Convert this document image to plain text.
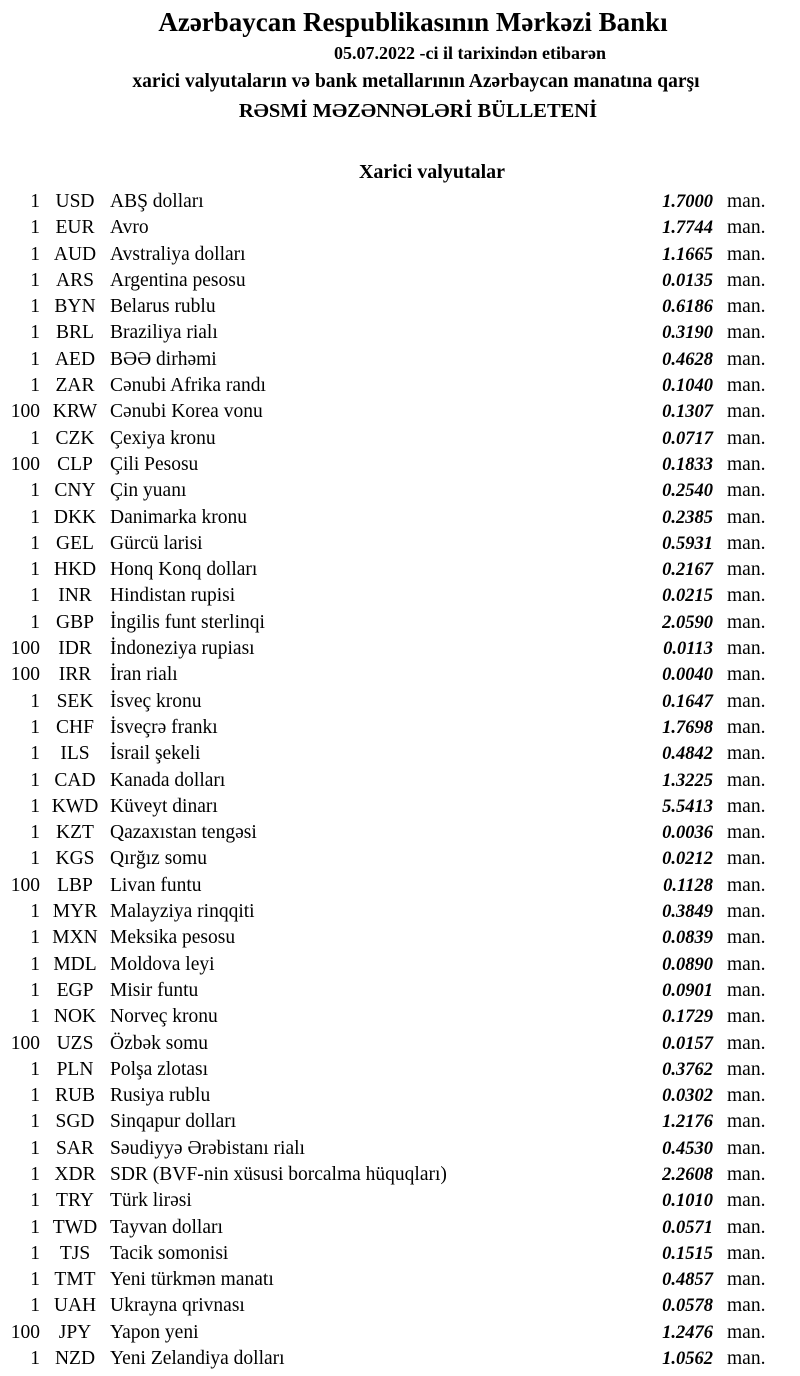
Azərbaycan Respublikasının Mərkəzi Bankı
05.07.2022 -ci il tarixindən etibarən
xarici valyutaların və bank metallarının Azərbaycan manatına qarşı
RƏSMİ MƏZƏNNƏLƏRİ BÜLLETENİ
Xarici valyutalar
1 USD ABŞ dolları	1.7000 man.
1 EUR Avro	1.7744 man.
1 AUD Avstraliya dolları	1.1665 man.
1 ARS Argentina pesosu	0.0135 man.
1 BYN Belarus rublu	0.6186 man.
1 BRL Braziliya rialı	0.3190 man.
1 AED BƏƏ dirhəmi	0.4628 man.
1 ZAR Cənubi Afrika randı	0.1040 man.
100 KRW Cənubi Korea vonu	0.1307 man.
1 CZK Çexiya kronu	0.0717 man.
100 CLP Çili Pesosu	0.1833 man.
1 CNY Çin yuanı	0.2540 man.
1 DKK Danimarka kronu	0.2385 man.
1 GEL Gürcü larisi	0.5931 man.
1 HKD Honq Konq dolları	0.2167 man.
1 INR Hindistan rupisi	0.0215 man.
1 GBP İngilis funt sterlinqi	2.0590 man.
100 IDR İndoneziya rupiası	0.0113 man.
100 IRR İran rialı	0.0040 man.
1 SEK İsveç kronu	0.1647 man.
1 CHF İsveçrə frankı	1.7698 man.
1	ILS	İsrail şekeli	0.4842 man.
1 CAD Kanada dolları	1.3225 man.
1 KWD Küveyt dinarı	5.5413 man.
1 KZT Qazaxıstan tengəsi	0.0036 man.
1 KGS Qırğız somu	0.0212 man.
100 LBP Livan funtu	0.1128 man.
1 MYR Malayziya rinqqiti	0.3849 man.
1 MXN Meksika pesosu	0.0839 man.
1 MDL Moldova leyi	0.0890 man.
1 EGP Misir funtu	0.0901 man.
1 NOK Norveç kronu	0.1729 man.
100 UZS Özbək somu	0.0157 man.
1 PLN Polşa zlotası	0.3762 man.
1 RUB Rusiya rublu	0.0302 man.
1 SGD Sinqapur dolları	1.2176 man.
1 SAR Səudiyyə Ərəbistanı rialı	0.4530 man.
1 XDR SDR (BVF-nin xüsusi borcalma hüquqları)	2.2608 man.
1 TRY Türk lirəsi	0.1010 man.
1 TWD Tayvan dolları	0.0571 man.
1	TJS	Tacik somonisi	0.1515 man.
1 TMT Yeni türkmən manatı	0.4857 man.
1 UAH Ukrayna qrivnası	0.0578 man.
100 JPY Yapon yeni	1.2476 man.
1 NZD Yeni Zelandiya dolları	1.0562 man.
